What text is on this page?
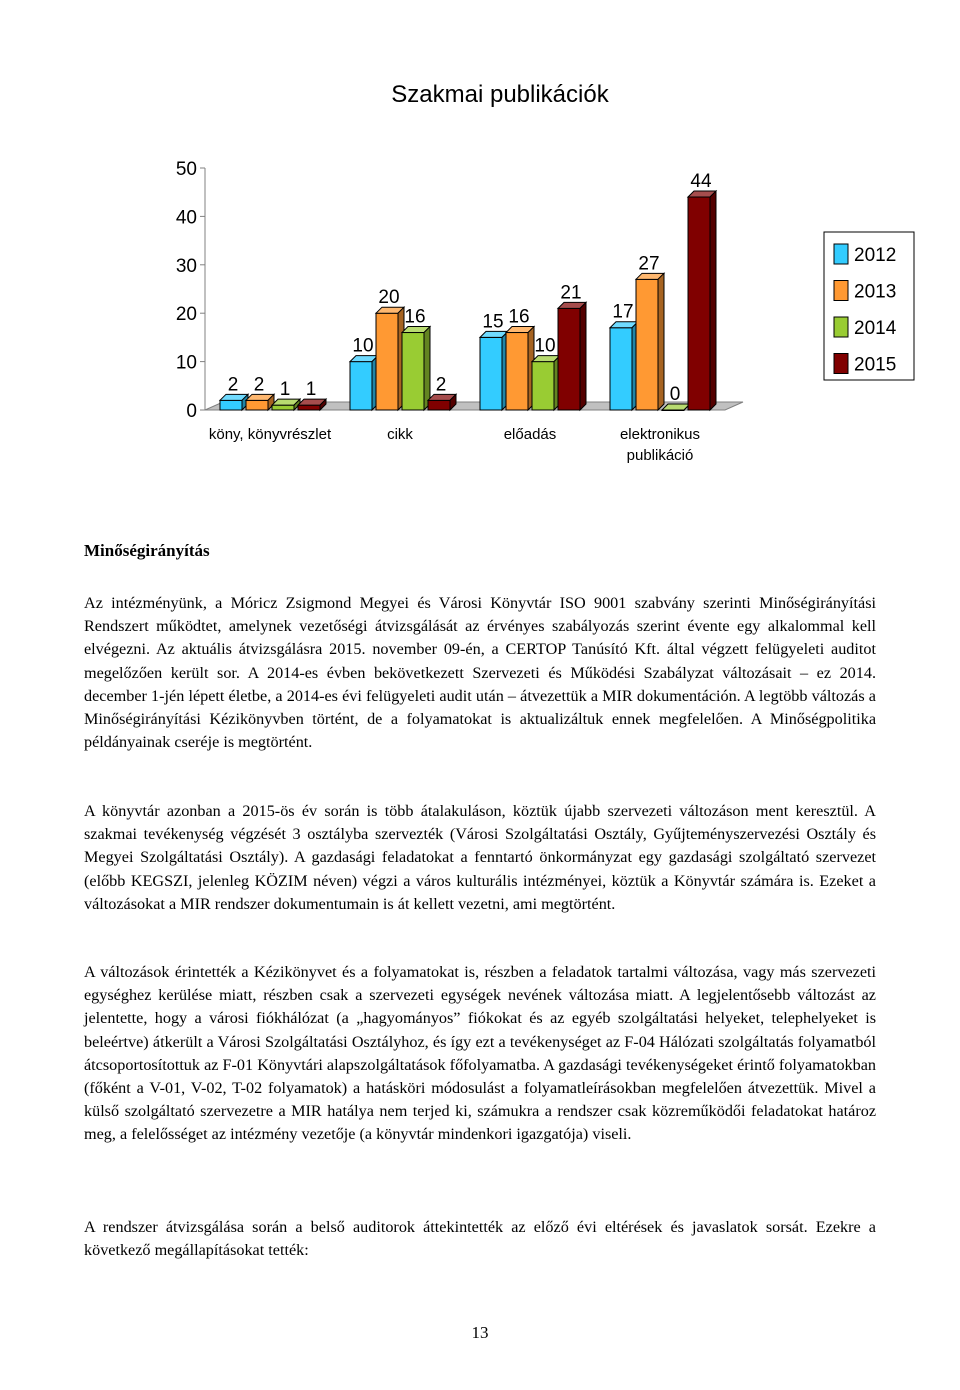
Szakmai publikációk
0
10
20
30
40
50
köny, könyvrészlet	cikk	előadás	elektronikus
publikáció
2 2 1 1
10
20
16
2
15 16
10
21
17
27
0
44
2012
2013
2014
2015
Minőségirányítás

Az intézményünk, a Móricz Zsigmond Megyei és Városi Könyvtár ISO 9001 szabvány szerinti Minőségirányítási Rendszert működtet, amelynek vezetőségi átvizsgálását az érvényes szabályozás szerint évente egy alkalommal kell elvégezni. Az aktuális átvizsgálásra 2015. november 09-én, a CERTOP Tanúsító Kft. által végzett felügyeleti auditot megelőzően került sor. A 2014-es évben bekövetkezett Szervezeti és Működési Szabályzat változásait – ez 2014. december 1-jén lépett életbe, a 2014-es évi felügyeleti audit után – átvezettük a MIR dokumentáción. A legtöbb változás a Minőségirányítási Kézikönyvben történt, de a folyamatokat is aktualizáltuk ennek megfelelően. A Minőségpolitika példányainak cseréje is megtörtént.

A könyvtár azonban a 2015-ös év során is több átalakuláson, köztük újabb szervezeti változáson ment keresztül. A szakmai tevékenység végzését 3 osztályba szervezték (Városi Szolgáltatási Osztály, Gyűjteményszervezési Osztály és Megyei Szolgáltatási Osztály). A gazdasági feladatokat a fenntartó önkormányzat egy gazdasági szolgáltató szervezet (előbb KEGSZI, jelenleg KÖZIM néven) végzi a város kulturális intézményei, köztük a Könyvtár számára is. Ezeket a változásokat a MIR rendszer dokumentumain is át kellett vezetni, ami megtörtént.

A változások érintették a Kézikönyvet és a folyamatokat is, részben a feladatok tartalmi változása, vagy más szervezeti egységhez kerülése miatt, részben csak a szervezeti egységek nevének változása miatt. A legjelentősebb változást az jelentette, hogy a városi fiókhálózat (a „hagyományos” fiókokat és az egyéb szolgáltatási helyeket, telephelyeket is beleértve) átkerült a Városi Szolgáltatási Osztályhoz, és így ezt a tevékenységet az F-04 Hálózati szolgáltatás folyamatból átcsoportosítottuk az F-01 Könyvtári alapszolgáltatások főfolyamatba. A gazdasági tevékenységeket érintő folyamatokban (főként a V-01, V-02, T-02 folyamatok) a hatásköri módosulást a folyamatleírásokban megfelelően átvezettük. Mivel a külső szolgáltató szervezetre a MIR hatálya nem terjed ki, számukra a rendszer csak közreműködői feladatokat határoz meg, a felelősséget az intézmény vezetője (a könyvtár mindenkori igazgatója) viseli.

A rendszer átvizsgálása során a belső auditorok áttekintették az előző évi eltérések és javaslatok sorsát. Ezekre a következő megállapításokat tették:

13
